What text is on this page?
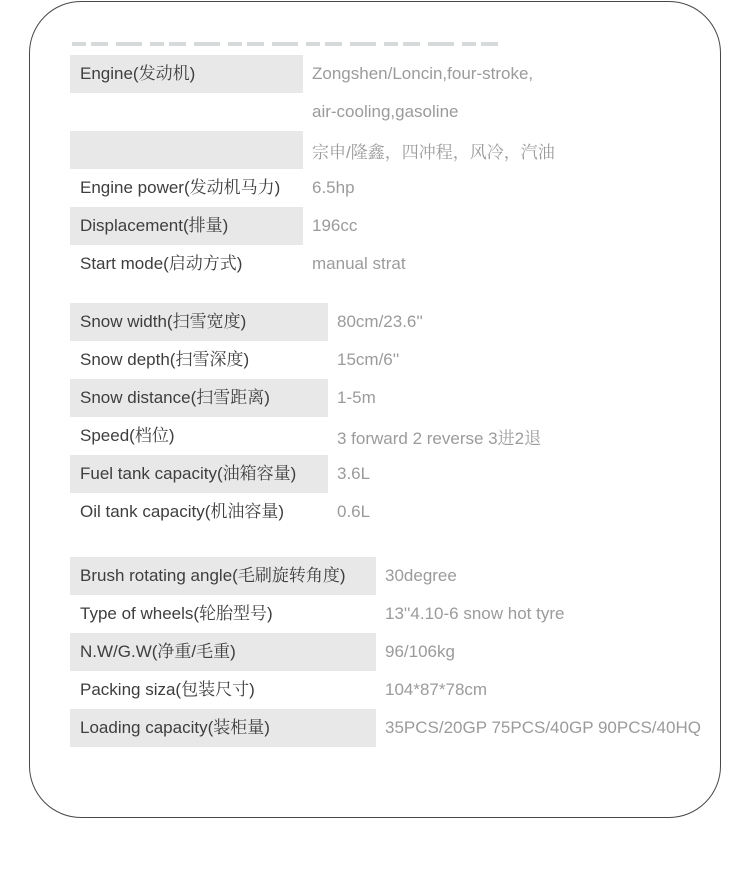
Engine(发动机)	Zongshen/Loncin,four-stroke,
air-cooling,gasoline
宗申/隆鑫，四冲程，风冷，汽油
Engine power(发动机马力)	6.5hp
Displacement(排量)	196cc
Start mode(启动方式)	manual strat
Snow width(扫雪宽度)	80cm/23.6''
Snow depth(扫雪深度)	15cm/6''
Snow distance(扫雪距离)	1-5m
Speed(档位)	3 forward 2 reverse 3进2退
Fuel tank capacity(油箱容量)	3.6L
Oil tank capacity(机油容量)	0.6L
Brush rotating angle(毛刷旋转角度)	30degree
Type of wheels(轮胎型号)	13''4.10-6 snow hot tyre
N.W/G.W(净重/毛重)	96/106kg
Packing siza(包装尺寸)	104*87*78cm
Loading capacity(装柜量)	35PCS/20GP 75PCS/40GP 90PCS/40HQ
